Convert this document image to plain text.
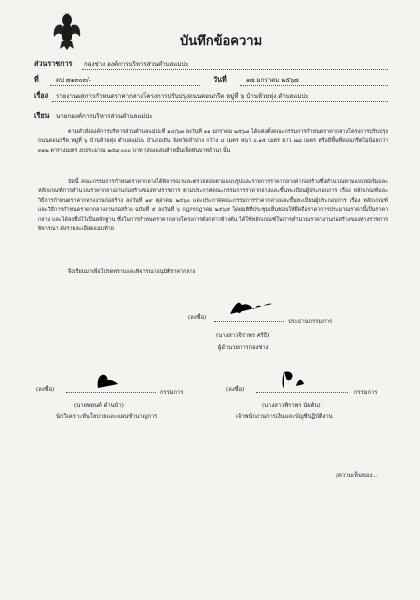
บันทึกข้อความ
ส่วนราชการ กองช่าง องค์การบริหารส่วนตำบลแม่ปะ
ที่	ตป ๗๑๓๐๓/-	วันที่	๑๗ มกราคม ๒๕๖๗
เรื่อง รายงานผลการกำหนดราคากลางโครงการปรับปรุงถนนคอนกรีต หมู่ที่ ๖ บ้านห้วยหุ่ง ตำบลแม่ปะ
เรียน นายกองค์การบริหารส่วนตำบลแม่ปะ
ตามคำสั่งองค์การบริหารส่วนตำบลแม่ปะที่ ๑๔/๖๗ ลงวันที่ ๑๑ มกราคม ๒๕๖๗ ได้แต่งตั้งคณะกรรมการกำหนดราคากลางโครงการปรับปรุงถนนคอนกรีต หมู่ที่ ๖ บ้านห้วยหุ่ง ตำบลแม่ปะ อำเภอเถิน จังหวัดลำปาง กว้าง ๔ เมตร หนา ๐.๑๕ เมตร ยาว ๗๘ เมตร หรือมีพื้นที่คอนกรีตไม่น้อยกว่า ๓๑๒ ตารางเมตร งบประมาณ ๒๕๗,๐๐๐ บาท (สองแสนห้าหมื่นเจ็ดพันบาทถ้วน) นั้น
บัดนี้ คณะกรรมการกำหนดราคากลางได้พิจารณาและตรวจสอบตามแบบรูปและรายการราคากลางค่าก่อสร้างซึ่งคำนวณตามแบบฟอร์มและหลักเกณฑ์การคำนวณราคากลางงานก่อสร้างของทางราชการ ตามประกาศคณะกรรมการราคากลางและขึ้นทะเบียนผู้ประกอบการ เรื่อง หลักเกณฑ์และวิธีการกำหนดราคากลางงานก่อสร้าง ลงวันที่ ๑๙ ตุลาคม ๒๕๖๐ และประกาศคณะกรรมการราคากลางและขึ้นทะเบียนผู้ประกอบการ เรื่อง หลักเกณฑ์และวิธีการกำหนดราคากลางงานก่อสร้าง ฉบับที่ ๕ ลงวันที่ ๖ กฎกรกฎาคม ๒๕๖๕ โดยมติที่ประชุมเห็นชอบให้ยึดถือราคาการประมาณราคานี้เป็นราคากลาง และได้ลงชื่อไว้เป็นหลักฐาน ซึ่งในการกำหนดราคากลางโครงการดังกล่าวข้างต้น ได้ใช้หลักเกณฑ์ในการคำนวณราคางานก่อสร้างของทางราชการพิจารณา ดังรายละเอียดแนบท้าย
จึงเรียนมาเพื่อโปรดทราบและพิจารณาอนุมัติราคากลาง
(ลงชื่อ)
ประธานกรรมการ
(นางสาวจิราพร ศรีธิ)
ผู้อำนวยการกองช่าง
(ลงชื่อ)	กรรมการ
(นายพยนต์ ดำนบ้า)
นักวิเคราะห์นโยบายและแผนชำนาญการ
(ลงชื่อ)	กรรมการ
(นางสาวพิราพร นัยต้น)
เจ้าพนักงานการเงินและบัญชีปฏิบัติงาน
/ความเห็นของ...
